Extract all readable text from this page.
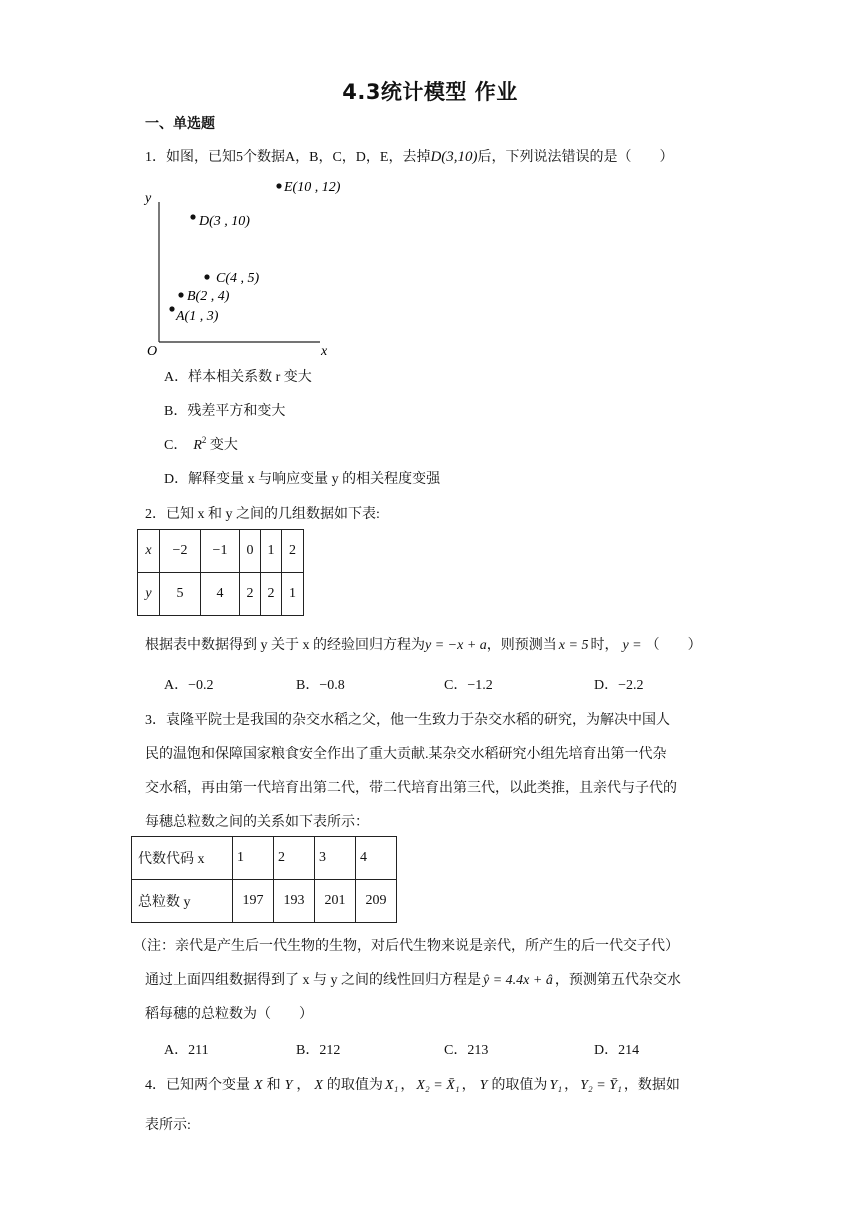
4.3统计模型 作业
一、单选题
1．如图，已知5个数据A，B，C，D，E，去掉D(3,10)后，下列说法错误的是（　　）
y
x
O
A(1 , 3)
B(2 , 4)
C(4 , 5)
D(3 , 10)
E(10 , 12)
A．样本相关系数 r 变大
B．残差平方和变大
C． $R^2$ 变大
D．解释变量 x 与响应变量 y 的相关程度变强
2．已知 x 和 y 之间的几组数据如下表:
x	−2	−1	0	1	2
y	5	4	2	2	1
根据表中数据得到 y 关于 x 的经验回归方程为y = −x + a，则预测当 x = 5 时， y = （　　）
A．−0.2	B．−0.8	C．−1.2	D．−2.2
3．袁隆平院士是我国的杂交水稻之父，他一生致力于杂交水稻的研究，为解决中国人
民的温饱和保障国家粮食安全作出了重大贡献.某杂交水稻研究小组先培育出第一代杂
交水稻，再由第一代培育出第二代，带二代培育出第三代，以此类推，且亲代与子代的
每穗总粒数之间的关系如下表所示：
代数代码 x	1	2	3	4
总粒数 y	197	193	201	209
（注：亲代是产生后一代生物的生物，对后代生物来说是亲代，所产生的后一代交子代）
通过上面四组数据得到了 x 与 y 之间的线性回归方程是 ŷ = 4.4x + â ，预测第五代杂交水
稻每穗的总粒数为（　　）
A．211	B．212	C．213	D．214
4．已知两个变量 X 和 Y ， X 的取值为 X₁ ， X₂ = X̄₁ ， Y 的取值为 Y₁ ， Y₂ = Ȳ₁ ，数据如
表所示:
